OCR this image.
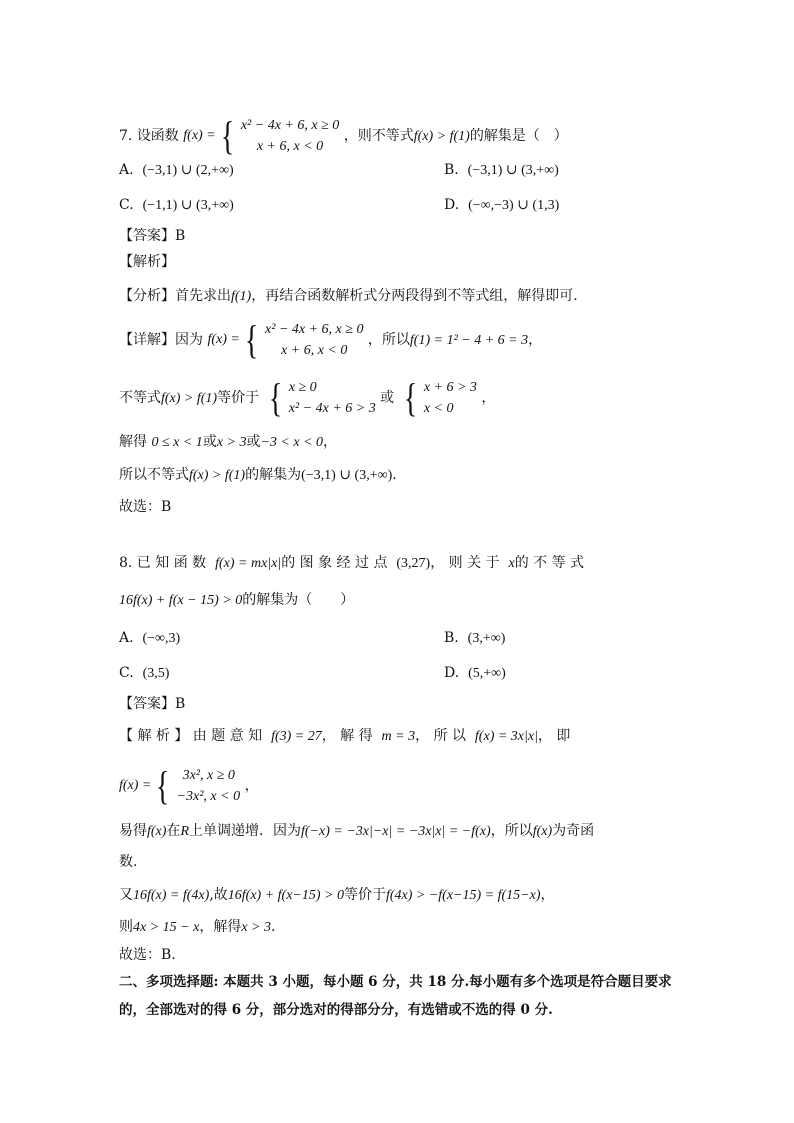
7. 设函数 f(x) = { x² − 4x + 6, x ≥ 0
x + 6, x < 0
，则不等式f(x) > f(1)的解集是（　）
A. (−3,1) ∪ (2,+∞)	B. (−3,1) ∪ (3,+∞)
C. (−1,1) ∪ (3,+∞)	D. (−∞,−3) ∪ (1,3)
【答案】B
【解析】
【分析】首先求出f(1)，再结合函数解析式分两段得到不等式组，解得即可.
【详解】因为 f(x) = { x² − 4x + 6, x ≥ 0
x + 6, x < 0
，所以f(1) = 1² − 4 + 6 = 3，
不等式f(x) > f(1)等价于 { x ≥ 0
x² − 4x + 6 > 3
或 { x + 6 > 3
x < 0
，
解得 0 ≤ x < 1或x > 3或−3 < x < 0，
所以不等式f(x) > f(1)的解集为(−3,1) ∪ (3,+∞).
故选：B
8. 已 知 函 数 f(x) = mx|x|的 图 象 经 过 点 (3,27)， 则 关 于 x的 不 等 式
16f(x) + f(x − 15) > 0的解集为（　　）
A. (−∞,3)	B. (3,+∞)
C. (3,5)	D. (5,+∞)
【答案】B
【 解 析 】 由 题 意 知 f(3) = 27， 解 得 m = 3， 所 以 f(x) = 3x|x|， 即
f(x) = { 3x², x ≥ 0
−3x², x < 0
，
易得f(x)在R上单调递增．因为f(−x) = −3x|−x| = −3x|x| = −f(x)，所以f(x)为奇函
数.
又16f(x) = f(4x),故16f(x) + f(x−15) > 0等价于f(4x) > −f(x−15) = f(15−x)，
则4x > 15 − x，解得x > 3.
故选：B.
二、多项选择题: 本题共 3 小题，每小题 6 分，共 18 分.每小题有多个选项是符合题目要求
的，全部选对的得 6 分，部分选对的得部分分，有选错或不选的得 0 分.
